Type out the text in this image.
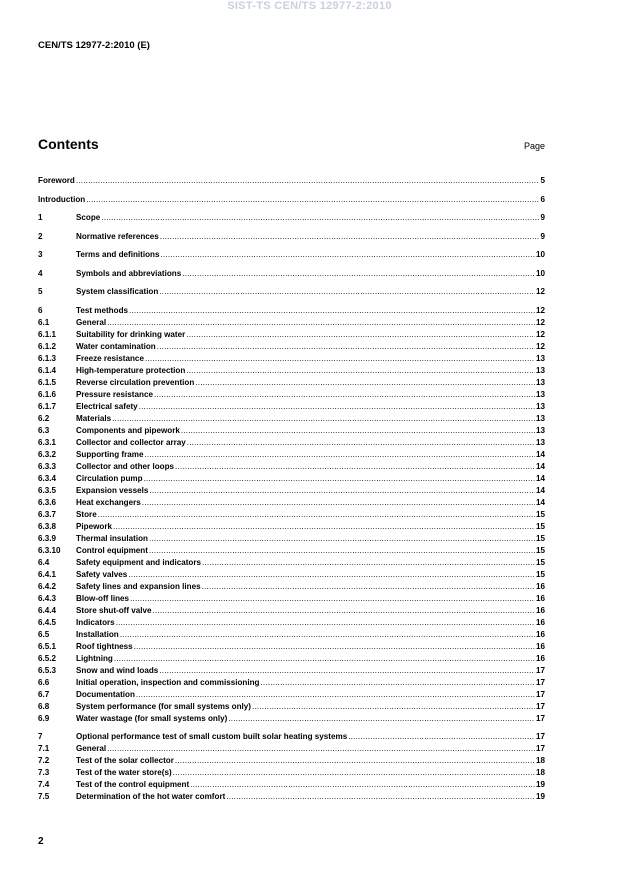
SIST-TS CEN/TS 12977-2:2010
CEN/TS 12977-2:2010 (E)
Contents	Page
Foreword .....	5
Introduction .....	6
1	Scope .....	9
2	Normative references .....	9
3	Terms and definitions .....	10
4	Symbols and abbreviations .....	10
5	System classification .....	12
6	Test methods .....	12
6.1	General .....	12
6.1.1	Suitability for drinking water .....	12
6.1.2	Water contamination .....	12
6.1.3	Freeze resistance .....	13
6.1.4	High-temperature protection .....	13
6.1.5	Reverse circulation prevention .....	13
6.1.6	Pressure resistance .....	13
6.1.7	Electrical safety .....	13
6.2	Materials .....	13
6.3	Components and pipework .....	13
6.3.1	Collector and collector array .....	13
6.3.2	Supporting frame .....	14
6.3.3	Collector and other loops .....	14
6.3.4	Circulation pump .....	14
6.3.5	Expansion vessels .....	14
6.3.6	Heat exchangers .....	14
6.3.7	Store .....	15
6.3.8	Pipework .....	15
6.3.9	Thermal insulation .....	15
6.3.10	Control equipment .....	15
6.4	Safety equipment and indicators .....	15
6.4.1	Safety valves .....	15
6.4.2	Safety lines and expansion lines .....	16
6.4.3	Blow-off lines .....	16
6.4.4	Store shut-off valve .....	16
6.4.5	Indicators .....	16
6.5	Installation .....	16
6.5.1	Roof tightness .....	16
6.5.2	Lightning .....	16
6.5.3	Snow and wind loads .....	17
6.6	Initial operation, inspection and commissioning .....	17
6.7	Documentation .....	17
6.8	System performance (for small systems only) .....	17
6.9	Water wastage (for small systems only) .....	17
7	Optional performance test of small custom built solar heating systems .....	17
7.1	General .....	17
7.2	Test of the solar collector .....	18
7.3	Test of the water store(s) .....	18
7.4	Test of the control equipment .....	19
7.5	Determination of the hot water comfort .....	19
2
